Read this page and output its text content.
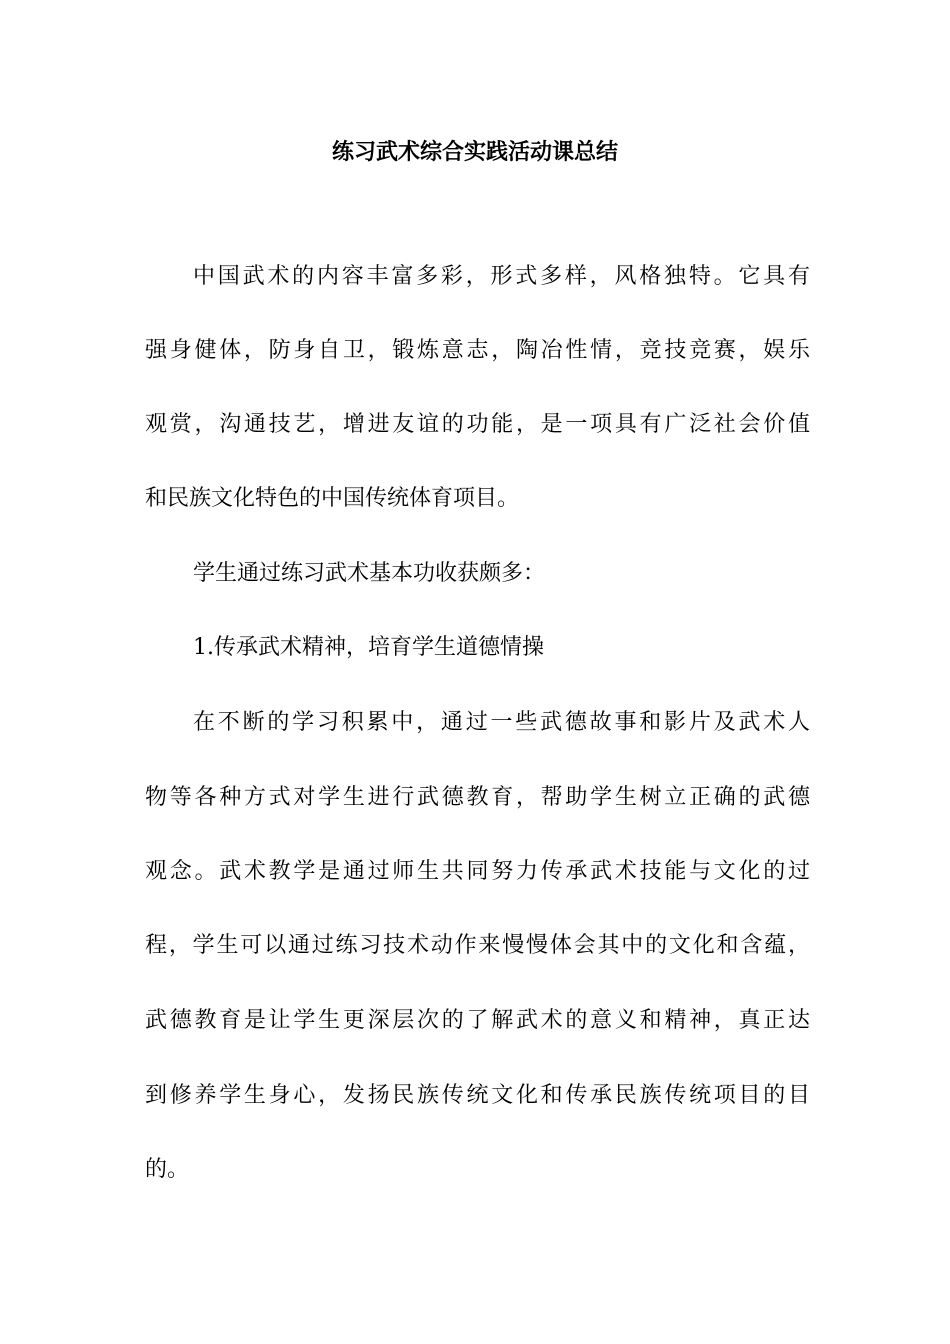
练习武术综合实践活动课总结

中国武术的内容丰富多彩，形式多样，风格独特。它具有

强身健体，防身自卫，锻炼意志，陶冶性情，竞技竞赛，娱乐

观赏，沟通技艺，增进友谊的功能，是一项具有广泛社会价值

和民族文化特色的中国传统体育项目。

学生通过练习武术基本功收获颇多：

1.传承武术精神，培育学生道德情操

在不断的学习积累中，通过一些武德故事和影片及武术人

物等各种方式对学生进行武德教育，帮助学生树立正确的武德

观念。武术教学是通过师生共同努力传承武术技能与文化的过

程，学生可以通过练习技术动作来慢慢体会其中的文化和含蕴，

武德教育是让学生更深层次的了解武术的意义和精神，真正达

到修养学生身心，发扬民族传统文化和传承民族传统项目的目

的。
